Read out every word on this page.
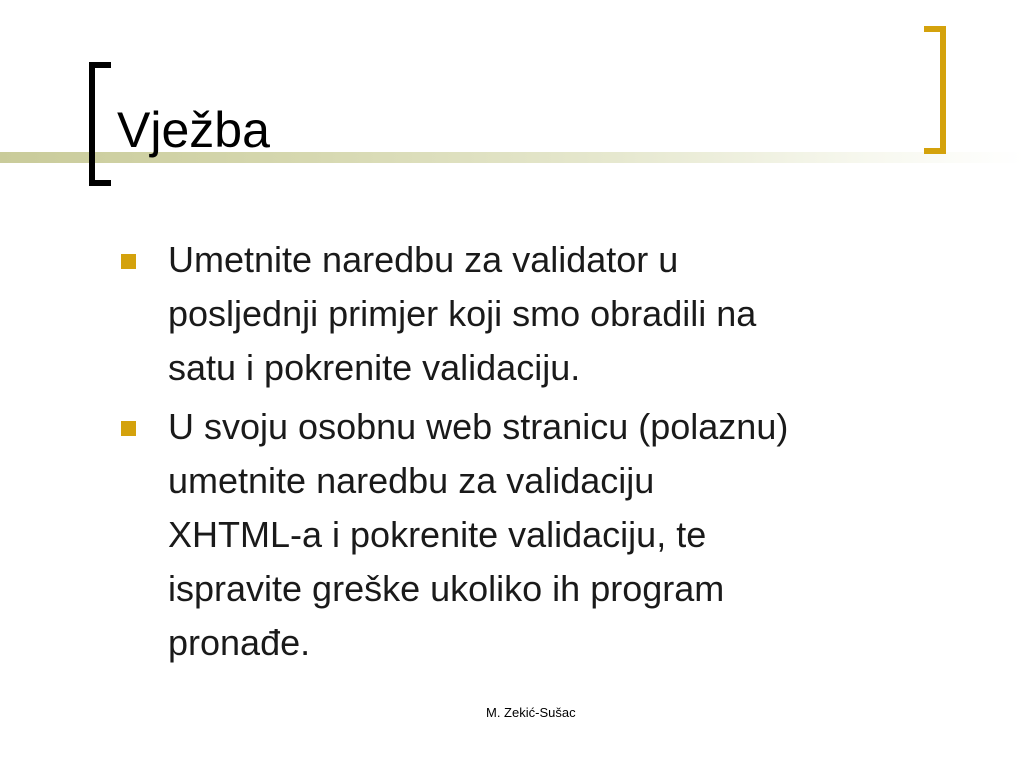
Vježba
Umetnite naredbu za validator u
posljednji primjer koji smo obradili na
satu i pokrenite validaciju.
U svoju osobnu web stranicu (polaznu)
umetnite naredbu za validaciju
XHTML-a i pokrenite validaciju, te
ispravite greške ukoliko ih program
pronađe.
M. Zekić-Sušac
